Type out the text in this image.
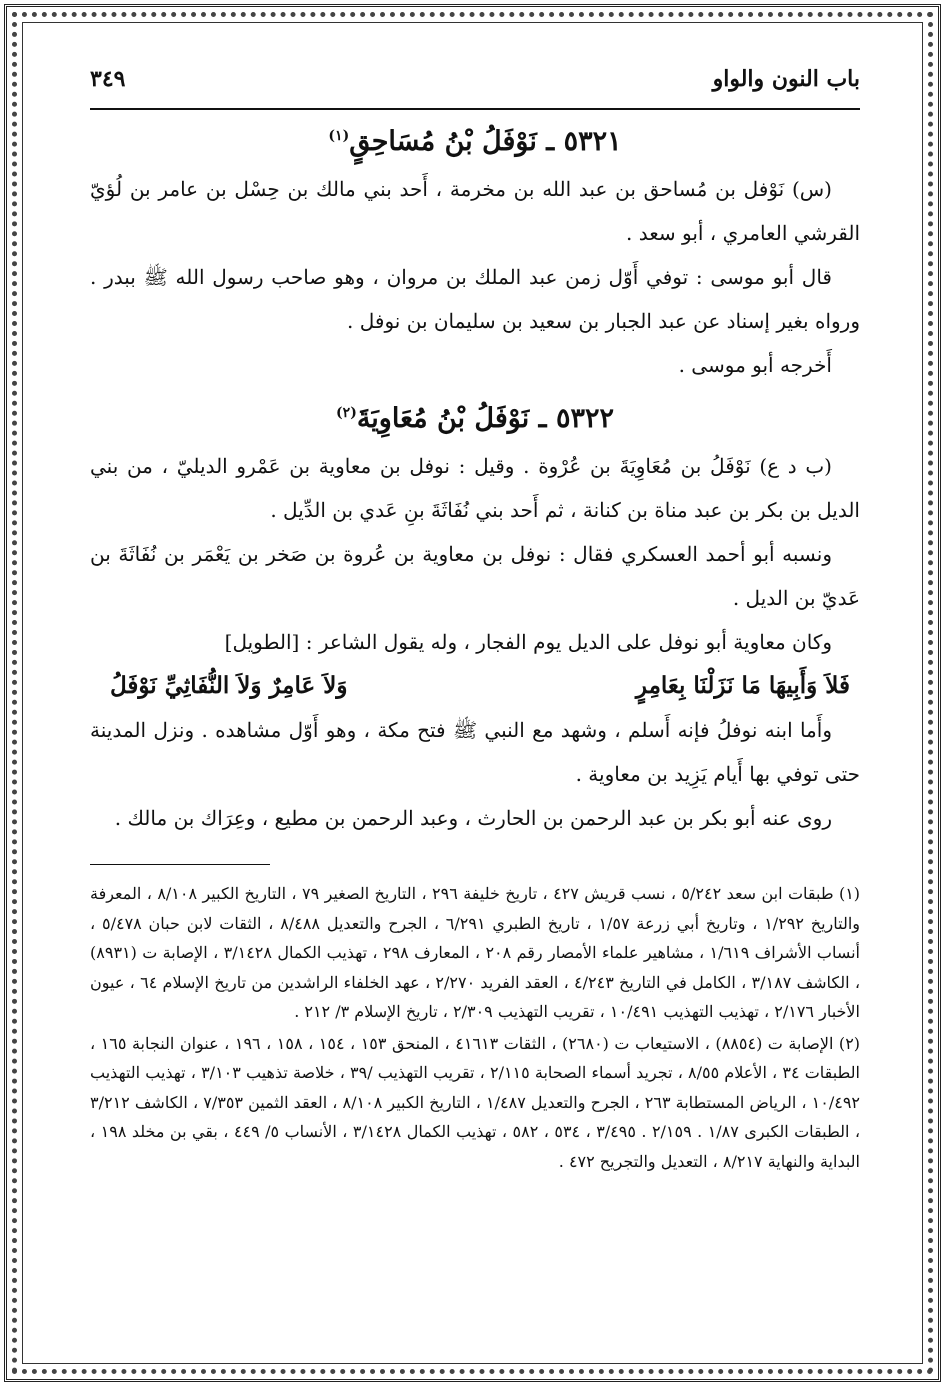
باب النون والواو
٣٤٩
٥٣٢١ ـ نَوْفَلُ بْنُ مُسَاحِقٍ$^{(١)}$

(س) نَوْفل بن مُساحق بن عبد الله بن مخرمة ، أَحد بني مالك بن حِسْل بن عامر بن لُؤيّ القرشي العامري ، أبو سعد .

قال أبو موسى : توفي أَوّل زمن عبد الملك بن مروان ، وهو صاحب رسول الله ﷺ ببدر . ورواه بغير إسناد عن عبد الجبار بن سعيد بن سليمان بن نوفل .

أَخرجه أبو موسى .

٥٣٢٢ ـ نَوْفَلُ بْنُ مُعَاوِيَةَ$^{(٢)}$

(ب د ع) نَوْفَلُ بن مُعَاوِيَةَ بن عُرْوة . وقيل : نوفل بن معاوية بن عَمْرو الديليّ ، من بني الديل بن بكر بن عبد مناة بن كنانة ، ثم أَحد بني نُفَاثَةَ بنِ عَدي بن الدِّيل .

ونسبه أبو أحمد العسكري فقال : نوفل بن معاوية بن عُروة بن صَخر بن يَعْمَر بن نُفَاثَةَ بن عَديّ بن الديل .

وكان معاوية أبو نوفل على الديل يوم الفجار ، وله يقول الشاعر : [الطويل]

فَلاَ وَأَبِيهَا مَا نَزَلْنَا بِعَامِرٍ
وَلاَ عَامِرٌ وَلاَ النُّفَاثِيِّ نَوْفَلُ

وأَما ابنه نوفلُ فإنه أَسلم ، وشهد مع النبي ﷺ فتح مكة ، وهو أَوّل مشاهده . ونزل المدينة حتى توفي بها أَيام يَزِيد بن معاوية .

روى عنه أبو بكر بن عبد الرحمن بن الحارث ، وعبد الرحمن بن مطيع ، وعِرَاك بن مالك .

(١) طبقات ابن سعد ٥/٢٤٢ ، نسب قريش ٤٢٧ ، تاريخ خليفة ٢٩٦ ، التاريخ الصغير ٧٩ ، التاريخ الكبير ٨/١٠٨ ، المعرفة والتاريخ ١/٢٩٢ ، وتاريخ أبي زرعة ١/٥٧ ، تاريخ الطبري ٦/٢٩١ ، الجرح والتعديل ٨/٤٨٨ ، الثقات لابن حبان ٥/٤٧٨ ، أنساب الأشراف ١/٦١٩ ، مشاهير علماء الأمصار رقم ٢٠٨ ، المعارف ٢٩٨ ، تهذيب الكمال ٣/١٤٢٨ ، الإصابة ت (٨٩٣١) ، الكاشف ٣/١٨٧ ، الكامل في التاريخ ٤/٢٤٣ ، العقد الفريد ٢/٢٧٠ ، عهد الخلفاء الراشدين من تاريخ الإسلام ٦٤ ، عيون الأخبار ٢/١٧٦ ، تهذيب التهذيب ١٠/٤٩١ ، تقريب التهذيب ٢/٣٠٩ ، تاريخ الإسلام ٣/ ٢١٢ .

(٢) الإصابة ت (٨٨٥٤) ، الاستيعاب ت (٢٦٨٠) ، الثقات ٤١٦١٣ ، المنحق ١٥٣ ، ١٥٤ ، ١٥٨ ، ١٩٦ ، عنوان النجابة ١٦٥ ، الطبقات ٣٤ ، الأعلام ٨/٥٥ ، تجريد أسماء الصحابة ٢/١١٥ ، تقريب التهذيب /٣٩ ، خلاصة تذهيب ٣/١٠٣ ، تهذيب التهذيب ١٠/٤٩٢ ، الرياض المستطابة ٢٦٣ ، الجرح والتعديل ١/٤٨٧ ، التاريخ الكبير ٨/١٠٨ ، العقد الثمين ٧/٣٥٣ ، الكاشف ٣/٢١٢ ، الطبقات الكبرى ١/٨٧ . ٢/١٥٩ . ٣/٤٩٥ ، ٥٣٤ ، ٥٨٢ ، تهذيب الكمال ٣/١٤٢٨ ، الأنساب ٥/ ٤٤٩ ، بقي بن مخلد ١٩٨ ، البداية والنهاية ٨/٢١٧ ، التعديل والتجريح ٤٧٢ .
